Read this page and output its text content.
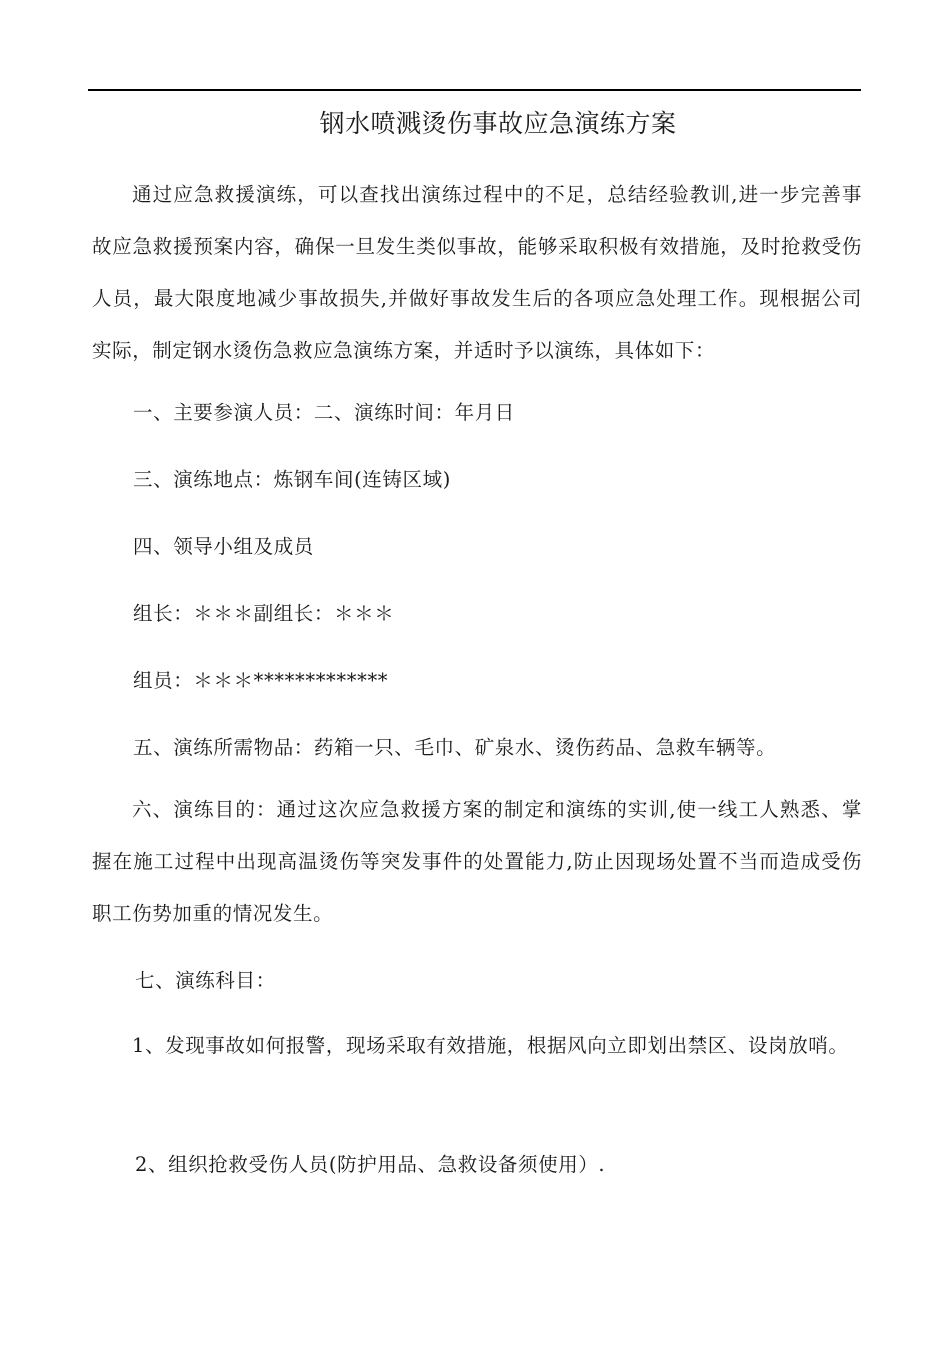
钢水喷溅烫伤事故应急演练方案

通过应急救援演练，可以查找出演练过程中的不足，总结经验教训,进一步完善事故应急救援预案内容，确保一旦发生类似事故，能够采取积极有效措施，及时抢救受伤人员，最大限度地减少事故损失,并做好事故发生后的各项应急处理工作。现根据公司实际，制定钢水烫伤急救应急演练方案，并适时予以演练，具体如下：

一、主要参演人员：二、演练时间：年月日

三、演练地点：炼钢车间(连铸区域)

四、领导小组及成员

组长：＊＊＊副组长：＊＊＊

组员：＊＊＊*************

五、演练所需物品：药箱一只、毛巾、矿泉水、烫伤药品、急救车辆等。

六、演练目的：通过这次应急救援方案的制定和演练的实训,使一线工人熟悉、掌握在施工过程中出现高温烫伤等突发事件的处置能力,防止因现场处置不当而造成受伤职工伤势加重的情况发生。

七、演练科目：

1、发现事故如何报警，现场采取有效措施，根据风向立即划出禁区、设岗放哨。

2、组织抢救受伤人员(防护用品、急救设备须使用）.
